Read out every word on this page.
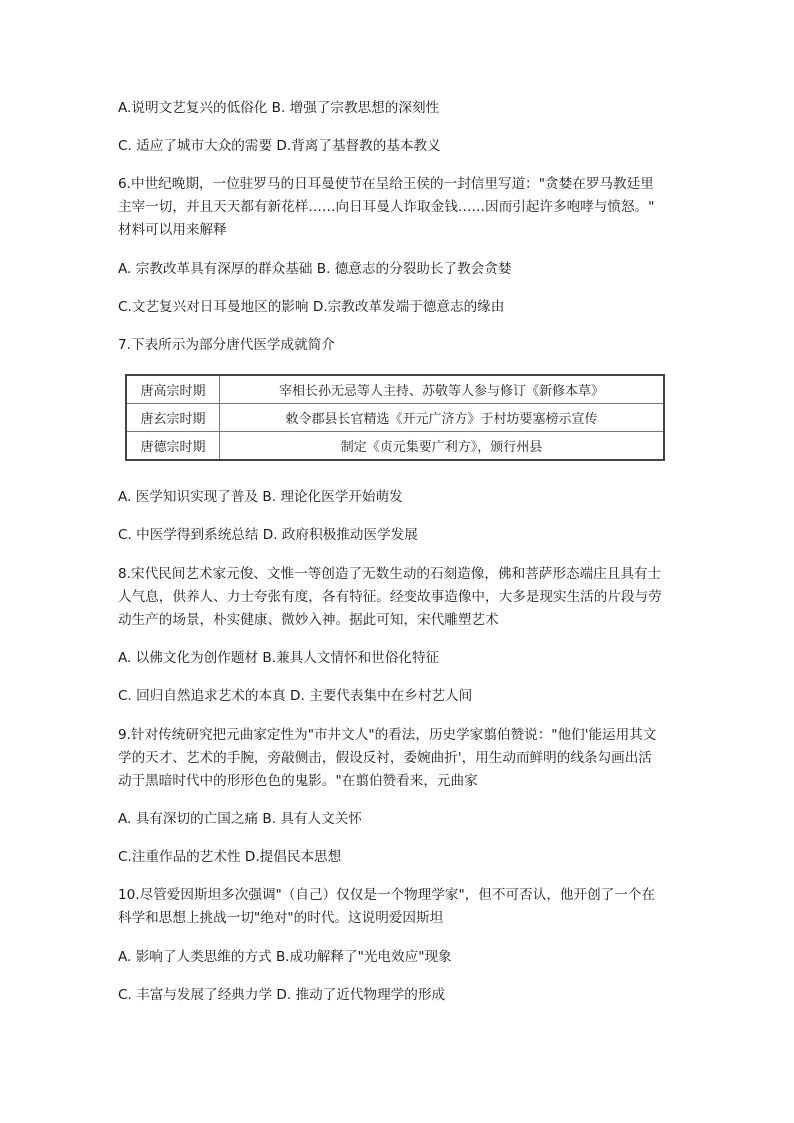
A.说明文艺复兴的低俗化 B. 增强了宗教思想的深刻性
C. 适应了城市大众的需要 D.背离了基督教的基本教义
6.中世纪晚期，一位驻罗马的日耳曼使节在呈给王侯的一封信里写道："贪婪在罗马教廷里
主宰一切，并且天天都有新花样……向日耳曼人诈取金钱……因而引起许多咆哮与愤怒。"
材料可以用来解释
A. 宗教改革具有深厚的群众基础 B. 德意志的分裂助长了教会贪婪
C.文艺复兴对日耳曼地区的影响 D.宗教改革发端于德意志的缘由
7.下表所示为部分唐代医学成就简介
唐高宗时期	宰相长孙无忌等人主持、苏敬等人参与修订《新修本草》
唐玄宗时期	敕令郡县长官精选《开元广济方》于村坊要塞榜示宣传
唐德宗时期	制定《贞元集要广利方》，颁行州县
A. 医学知识实现了普及 B. 理论化医学开始萌发
C. 中医学得到系统总结 D. 政府积极推动医学发展
8.宋代民间艺术家元俊、文惟一等创造了无数生动的石刻造像，佛和菩萨形态端庄且具有士
人气息，供养人、力士夸张有度，各有特征。经变故事造像中，大多是现实生活的片段与劳
动生产的场景，朴实健康、微妙入神。据此可知，宋代雕塑艺术
A. 以佛文化为创作题材 B.兼具人文情怀和世俗化特征
C. 回归自然追求艺术的本真 D. 主要代表集中在乡村艺人间
9.针对传统研究把元曲家定性为"市井文人"的看法，历史学家翦伯赞说："他们'能运用其文
学的天才、艺术的手腕，旁敲侧击，假设反衬，委婉曲折'，用生动而鲜明的线条勾画出活
动于黑暗时代中的形形色色的鬼影。"在翦伯赞看来，元曲家
A. 具有深切的亡国之痛 B. 具有人文关怀
C.注重作品的艺术性 D.提倡民本思想
10.尽管爱因斯坦多次强调"（自己）仅仅是一个物理学家"，但不可否认，他开创了一个在
科学和思想上挑战一切"绝对"的时代。这说明爱因斯坦
A. 影响了人类思维的方式 B.成功解释了"光电效应"现象
C. 丰富与发展了经典力学 D. 推动了近代物理学的形成
